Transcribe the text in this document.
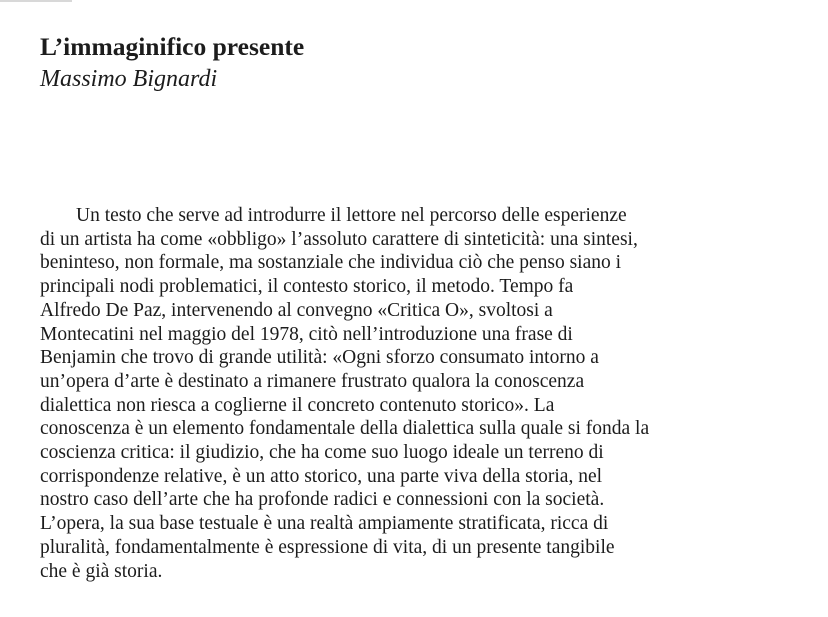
L’immaginifico presente
Massimo Bignardi
Un testo che serve ad introdurre il lettore nel percorso delle esperienze
di un artista ha come «obbligo» l’assoluto carattere di sinteticità: una sintesi,
beninteso, non formale, ma sostanziale che individua ciò che penso siano i
principali nodi problematici, il contesto storico, il metodo. Tempo fa
Alfredo De Paz, intervenendo al convegno «Critica O», svoltosi a
Montecatini nel maggio del 1978, citò nell’introduzione una frase di
Benjamin che trovo di grande utilità: «Ogni sforzo consumato intorno a
un’opera d’arte è destinato a rimanere frustrato qualora la conoscenza
dialettica non riesca a coglierne il concreto contenuto storico». La
conoscenza è un elemento fondamentale della dialettica sulla quale si fonda la
coscienza critica: il giudizio, che ha come suo luogo ideale un terreno di
corrispondenze relative, è un atto storico, una parte viva della storia, nel
nostro caso dell’arte che ha profonde radici e connessioni con la società.
L’opera, la sua base testuale è una realtà ampiamente stratificata, ricca di
pluralità, fondamentalmente è espressione di vita, di un presente tangibile
che è già storia.
